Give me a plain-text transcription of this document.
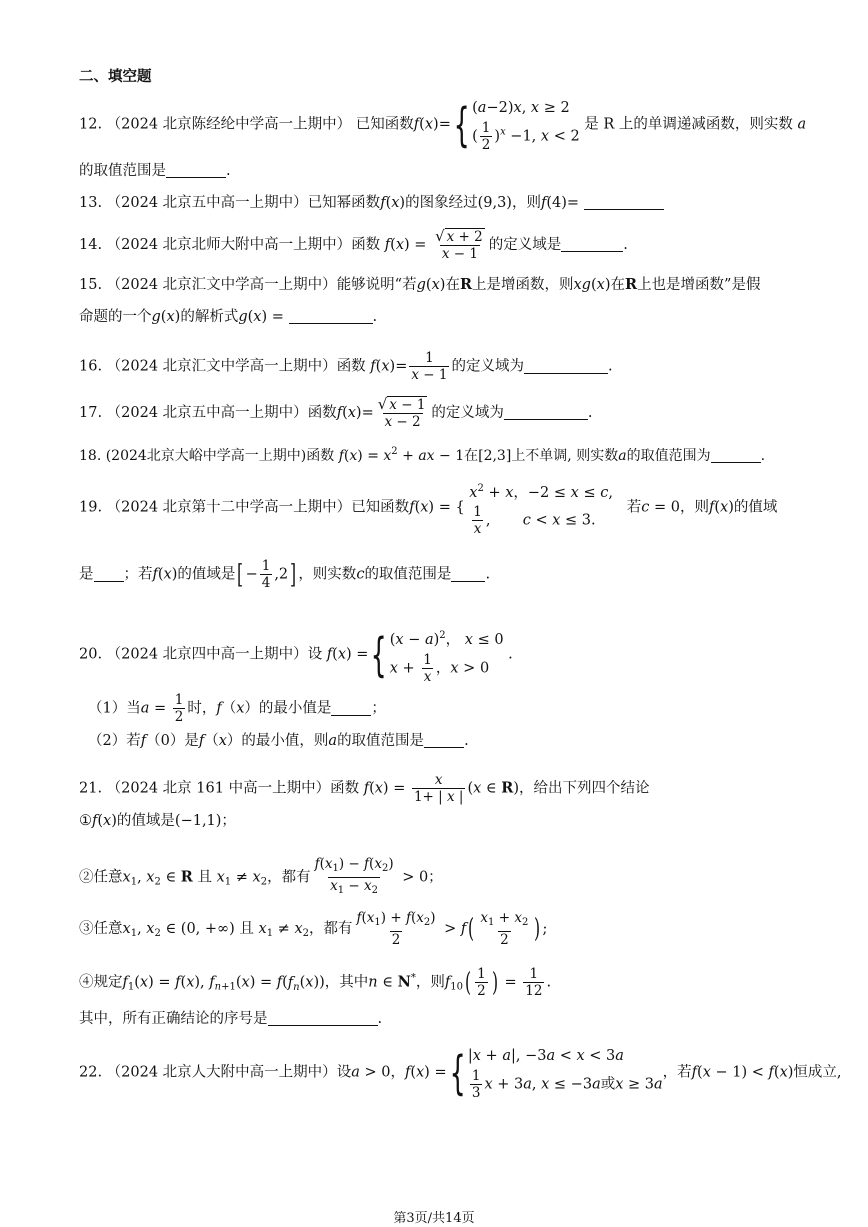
二、填空题
12. （2024 北京陈经纶中学高一上期中） 已知函数f(x)= { (a−2)x, x ≥ 2
( $\frac{1}{2} )^x -1$, x < 2
是 R 上的单调递减函数，则实数 a
的取值范围是	.
13. （2024 北京五中高一上期中）已知幂函数f(x)的图象经过(9,3)，则f(4)=
14. （2024 北京北师大附中高一上期中）函数 $f(x) = \frac{√ x + 2}{x - 1}$ 的定义域是	.
15. （2024 北京汇文中学高一上期中）能够说明“若g(x)在R上是增函数，则xg(x)在R上也是增函数”是假
命题的一个g(x)的解析式g(x) =	.
16. （2024 北京汇文中学高一上期中）函数 $f(x)= \frac{1}{x - 1}$ 的定义域为	.
17. （2024 北京五中高一上期中）函数$f(x)= \frac{√ x - 1}{x - 2}$ 的定义域为	.
18. (2024北京大峪中学高一上期中)函数 $f(x) = x^2$ + ax − 1在[2,3]上不单调, 则实数a的取值范围为	.
19. （2024 北京第十二中学高一上期中）已知函数f(x) = {
$x^2 + x$，−2 ≤ x ≤ c,
$\frac{1}{x}$ ,       c < x ≤ 3.
若c = 0，则f(x)的值域
是 ；若f(x)的值域是[ − $\frac{1}{4} ,2$] ，则实数c的取值范围是 .
20. （2024 北京四中高一上期中）设 f(x) = { $(x - a)^2$， x ≤ 0
$x + \frac{1}{x}$ ，x > 0
.
（1）当$a = \frac{1}{2}$ 时，f（x）的最小值是	；
（2）若f（0）是f（x）的最小值，则a的取值范围是	.
21. （2024 北京 161 中高一上期中）函数 $f(x) = \frac{x}{1+ | x |} (x$ ∈ R)，给出下列四个结论
①f(x)的值域是(−1,1)；
②任意$x_1$, $x_2$ ∈ R 且 $x_1 \ne x_2$，都有 $\frac{f(x_1) - f(x_2)}{x_1 - x_2} > 0$；
③任意$x_1$, $x_2$ ∈ (0, +∞) 且 $x_1 \ne x_2$，都有 $\frac{f(x_1) + f(x_2)}{2} > f( \frac{x_1 + x_2}{2}$ ) ;
④规定$f_1(x) = f(x)$, $f_{n+1}(x) = f(f_n(x))$，其中n ∈ N*，则$f_{10}( \frac{1}{2}$ ) = $\frac{1}{12}$ .
其中，所有正确结论的序号是	.
22. （2024 北京人大附中高一上期中）设a > 0，f(x) = { |x + a|, −3a < x < 3a
$\frac{1}{3}$ x + 3a, x ≤ −3a或x ≥ 3a
，若f(x − 1) < f(x)恒成立,
第3页/共14页
